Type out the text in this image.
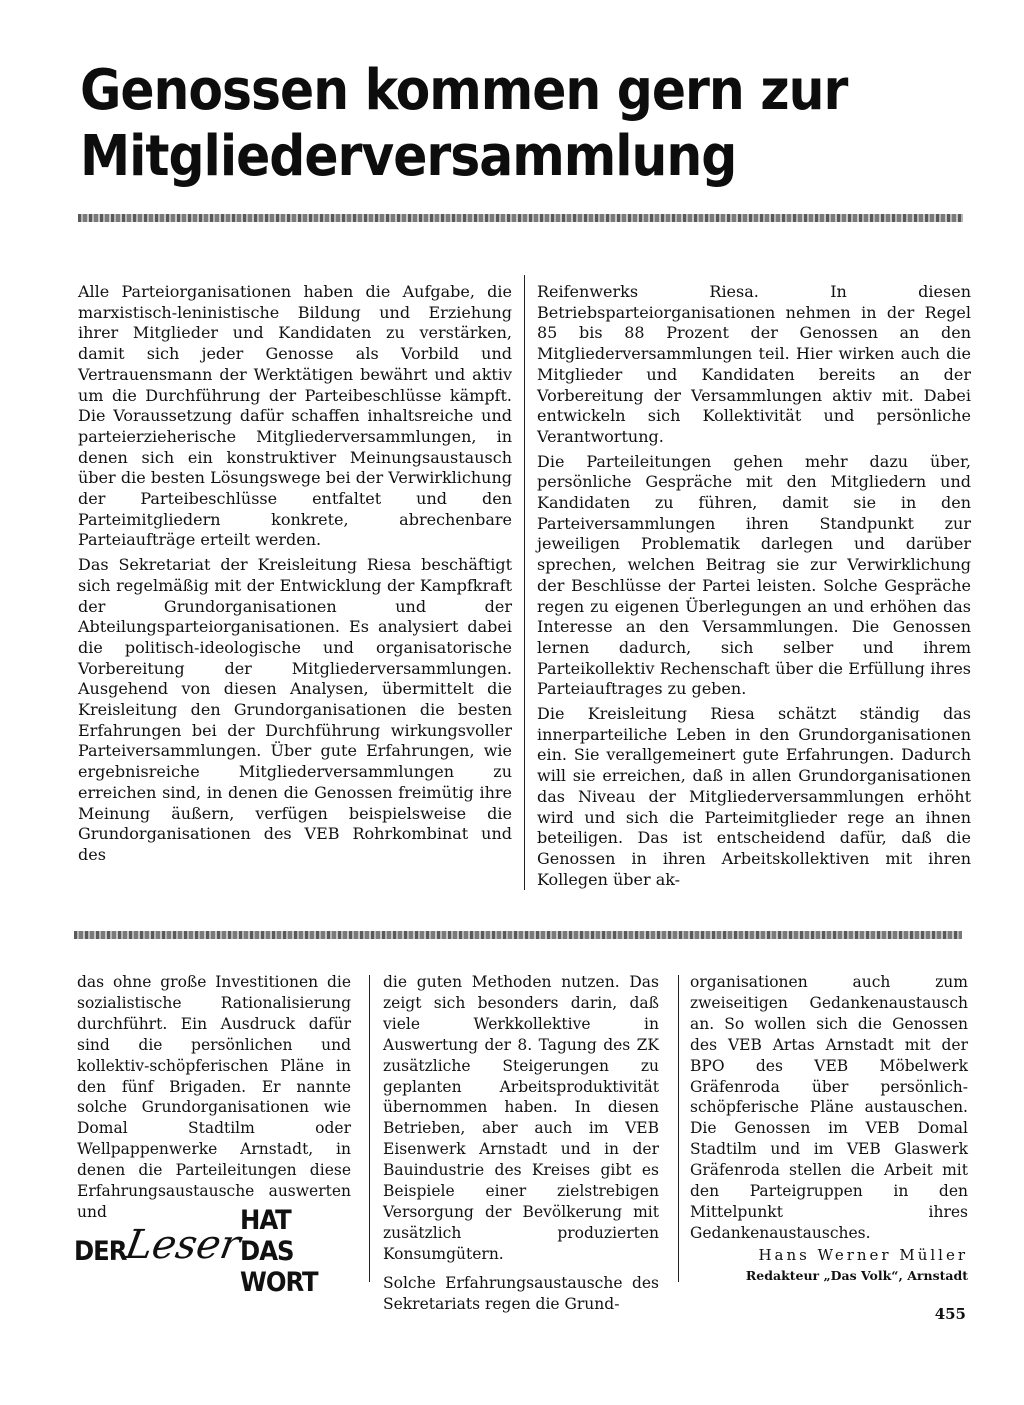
Genossen kommen gern zur Mitgliederversammlung

Alle Parteiorganisationen haben die Aufgabe, die marxistisch-leninistische Bildung und Erziehung ihrer Mitglieder und Kandidaten zu verstärken, damit sich jeder Genosse als Vorbild und Vertrauensmann der Werktätigen bewährt und aktiv um die Durchführung der Parteibeschlüsse kämpft. Die Voraussetzung dafür schaffen inhaltsreiche und parteierzieherische Mitgliederversammlungen, in denen sich ein konstruktiver Meinungsaustausch über die besten Lösungswege bei der Verwirklichung der Parteibeschlüsse entfaltet und den Parteimitgliedern konkrete, abrechenbare Parteiaufträge erteilt werden.

Das Sekretariat der Kreisleitung Riesa beschäftigt sich regelmäßig mit der Entwicklung der Kampfkraft der Grundorganisationen und der Abteilungsparteiorganisationen. Es analysiert dabei die politisch-ideologische und organisatorische Vorbereitung der Mitgliederversammlungen. Ausgehend von diesen Analysen, übermittelt die Kreisleitung den Grundorganisationen die besten Erfahrungen bei der Durchführung wirkungsvoller Parteiversammlungen. Über gute Erfahrungen, wie ergebnisreiche Mitgliederversammlungen zu erreichen sind, in denen die Genossen freimütig ihre Meinung äußern, verfügen beispielsweise die Grundorganisationen des VEB Rohrkombinat und des

Reifenwerks Riesa. In diesen Betriebsparteiorganisationen nehmen in der Regel 85 bis 88 Prozent der Genossen an den Mitgliederversammlungen teil. Hier wirken auch die Mitglieder und Kandidaten bereits an der Vorbereitung der Versammlungen aktiv mit. Dabei entwickeln sich Kollektivität und persönliche Verantwortung.

Die Parteileitungen gehen mehr dazu über, persönliche Gespräche mit den Mitgliedern und Kandidaten zu führen, damit sie in den Parteiversammlungen ihren Standpunkt zur jeweiligen Problematik darlegen und darüber sprechen, welchen Beitrag sie zur Verwirklichung der Beschlüsse der Partei leisten. Solche Gespräche regen zu eigenen Überlegungen an und erhöhen das Interesse an den Versammlungen. Die Genossen lernen dadurch, sich selber und ihrem Parteikollektiv Rechenschaft über die Erfüllung ihres Parteiauftrages zu geben.

Die Kreisleitung Riesa schätzt ständig das innerparteiliche Leben in den Grundorganisationen ein. Sie verallgemeinert gute Erfahrungen. Dadurch will sie erreichen, daß in allen Grundorganisationen das Niveau der Mitgliederversammlungen erhöht wird und sich die Parteimitglieder rege an ihnen beteiligen. Das ist entscheidend dafür, daß die Genossen in ihren Arbeitskollektiven mit ihren Kollegen über ak-

das ohne große Investitionen die sozialistische Rationalisierung durchführt. Ein Ausdruck dafür sind die persönlichen und kollektiv-schöpferischen Pläne in den fünf Brigaden. Er nannte solche Grundorganisationen wie Domal Stadtilm oder Wellpappenwerke Arnstadt, in denen die Parteileitungen diese Erfahrungsaustausche auswerten und

die guten Methoden nutzen. Das zeigt sich besonders darin, daß viele Werkkollektive in Auswertung der 8. Tagung des ZK zusätzliche Steigerungen zu geplanten Arbeitsproduktivität übernommen haben. In diesen Betrieben, aber auch im VEB Eisenwerk Arnstadt und in der Bauindustrie des Kreises gibt es Beispiele einer zielstrebigen Versorgung der Bevölkerung mit zusätzlich produzierten Konsumgütern.

Solche Erfahrungsaustausche des Sekretariats regen die Grund-

organisationen auch zum zweiseitigen Gedankenaustausch an. So wollen sich die Genossen des VEB Artas Arnstadt mit der BPO des VEB Möbelwerk Gräfenroda über persönlich-schöpferische Pläne austauschen. Die Genossen im VEB Domal Stadtilm und im VEB Glaswerk Gräfenroda stellen die Arbeit mit den Parteigruppen in den Mittelpunkt ihres Gedankenaustausches.

DER
Leser
HAT DAS WORT
Hans Werner Müller
Redakteur „Das Volk“, Arnstadt
455
